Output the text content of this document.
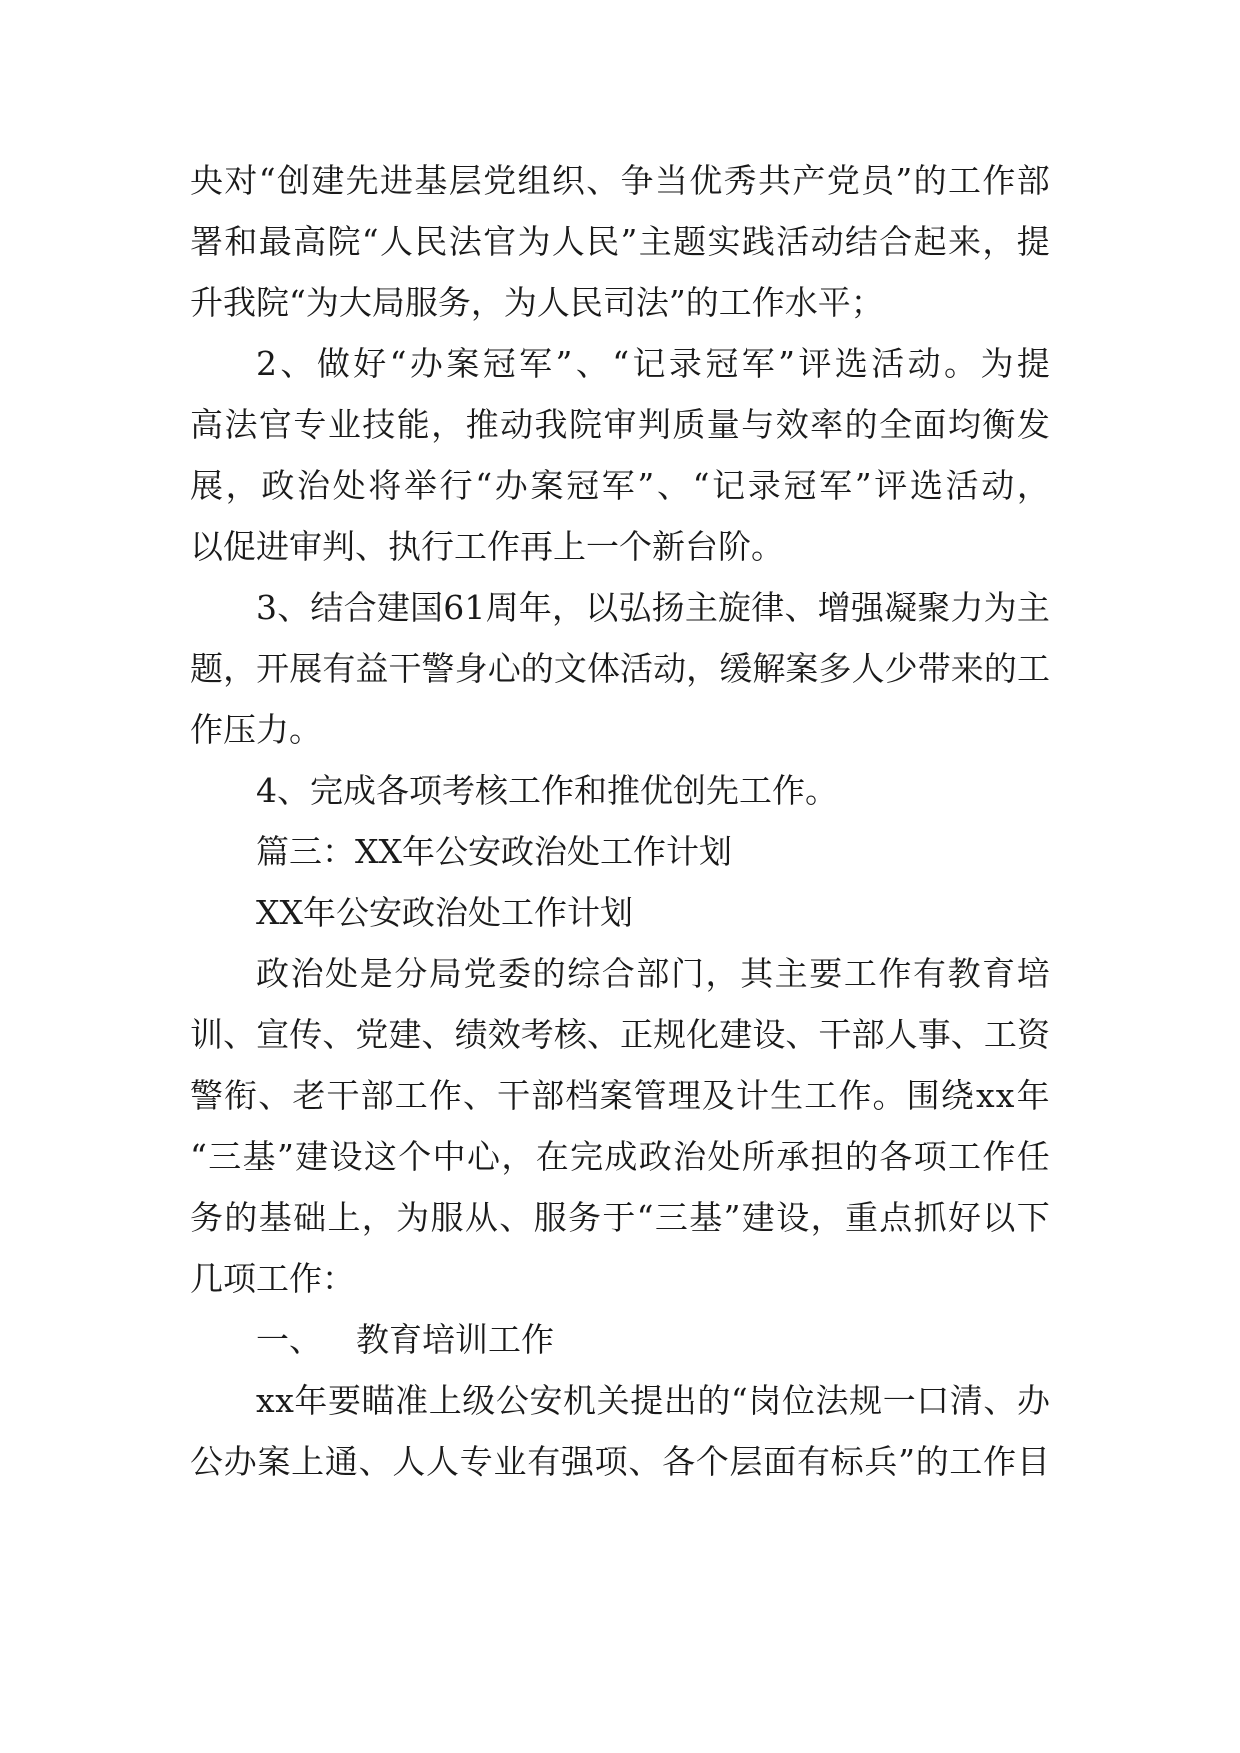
央 对 “ 创 建 先 进 基 层 党 组 织 、 争 当 优 秀 共 产 党 员 ” 的 工 作 部
署 和 最 高 院 “ 人 民 法 官 为 人 民 ” 主 题 实 践 活 动 结 合 起 来 ， 提
升我院“为大局服务，为人民司法”的工作水平；
2 、 做 好 “ 办 案 冠 军 ” 、 “ 记 录 冠 军 ” 评 选 活 动 。 为 提
高 法 官 专 业 技 能 ， 推 动 我 院 审 判 质 量 与 效 率 的 全 面 均 衡 发
展 ， 政 治 处 将 举 行 “ 办 案 冠 军 ” 、 “ 记 录 冠 军 ” 评 选 活 动 ，
以促进审判、执行工作再上一个新台阶。
3 、 结 合 建 国 6 1 周 年 ， 以 弘 扬 主 旋 律 、 增 强 凝 聚 力 为 主
题 ， 开 展 有 益 干 警 身 心 的 文 体 活 动 ， 缓 解 案 多 人 少 带 来 的 工
作压力。
4、完成各项考核工作和推优创先工作。
篇三：XX年公安政治处工作计划
XX年公安政治处工作计划
政 治 处 是 分 局 党 委 的 综 合 部 门 ， 其 主 要 工 作 有 教 育 培
训 、 宣 传 、 党 建 、 绩 效 考 核 、 正 规 化 建 设 、 干 部 人 事 、 工 资
警 衔 、 老 干 部 工 作 、 干 部 档 案 管 理 及 计 生 工 作 。 围 绕 x x 年
“ 三 基 ” 建 设 这 个 中 心 ， 在 完 成 政 治 处 所 承 担 的 各 项 工 作 任
务 的 基 础 上 ， 为 服 从 、 服 务 于 “ 三 基 ” 建 设 ， 重 点 抓 好 以 下
几项工作：
一、 教育培训工作
x x 年 要 瞄 准 上 级 公 安 机 关 提 出 的 “ 岗 位 法 规 一 口 清 、 办
公 办 案 上 通 、 人 人 专 业 有 强 项 、 各 个 层 面 有 标 兵 ” 的 工 作 目
